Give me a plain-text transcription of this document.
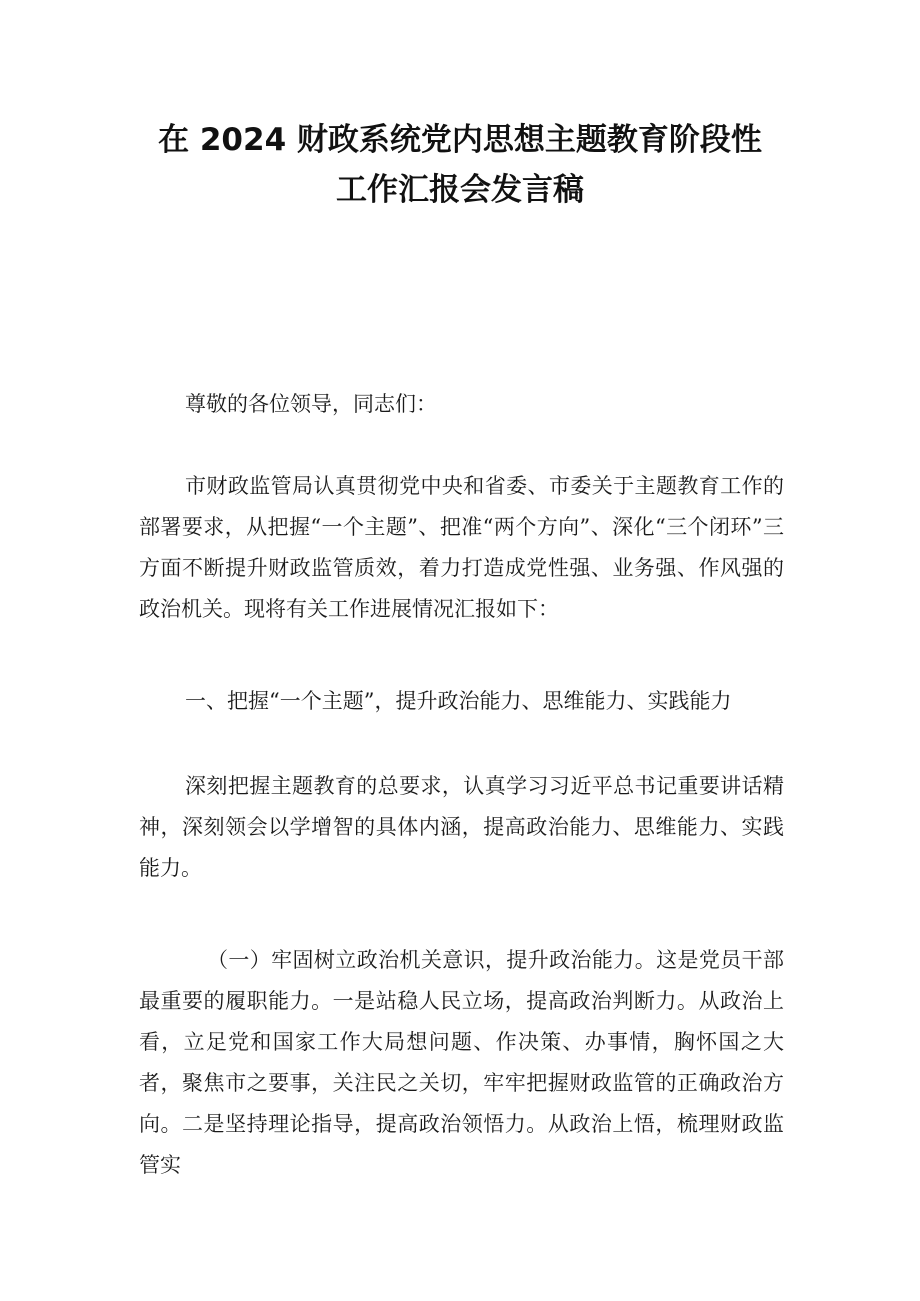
在 2024 财政系统党内思想主题教育阶段性
工作汇报会发言稿

尊敬的各位领导，同志们：

市财政监管局认真贯彻党中央和省委、市委关于主题教育工作的部署要求，从把握“一个主题”、把准“两个方向”、深化“三个闭环”三方面不断提升财政监管质效，着力打造成党性强、业务强、作风强的政治机关。现将有关工作进展情况汇报如下：

一、把握“一个主题”，提升政治能力、思维能力、实践能力

深刻把握主题教育的总要求，认真学习习近平总书记重要讲话精神，深刻领会以学增智的具体内涵，提高政治能力、思维能力、实践能力。

（一）牢固树立政治机关意识，提升政治能力。这是党员干部最重要的履职能力。一是站稳人民立场，提高政治判断力。从政治上看，立足党和国家工作大局想问题、作决策、办事情，胸怀国之大者，聚焦市之要事，关注民之关切，牢牢把握财政监管的正确政治方向。二是坚持理论指导，提高政治领悟力。从政治上悟，梳理财政监管实
